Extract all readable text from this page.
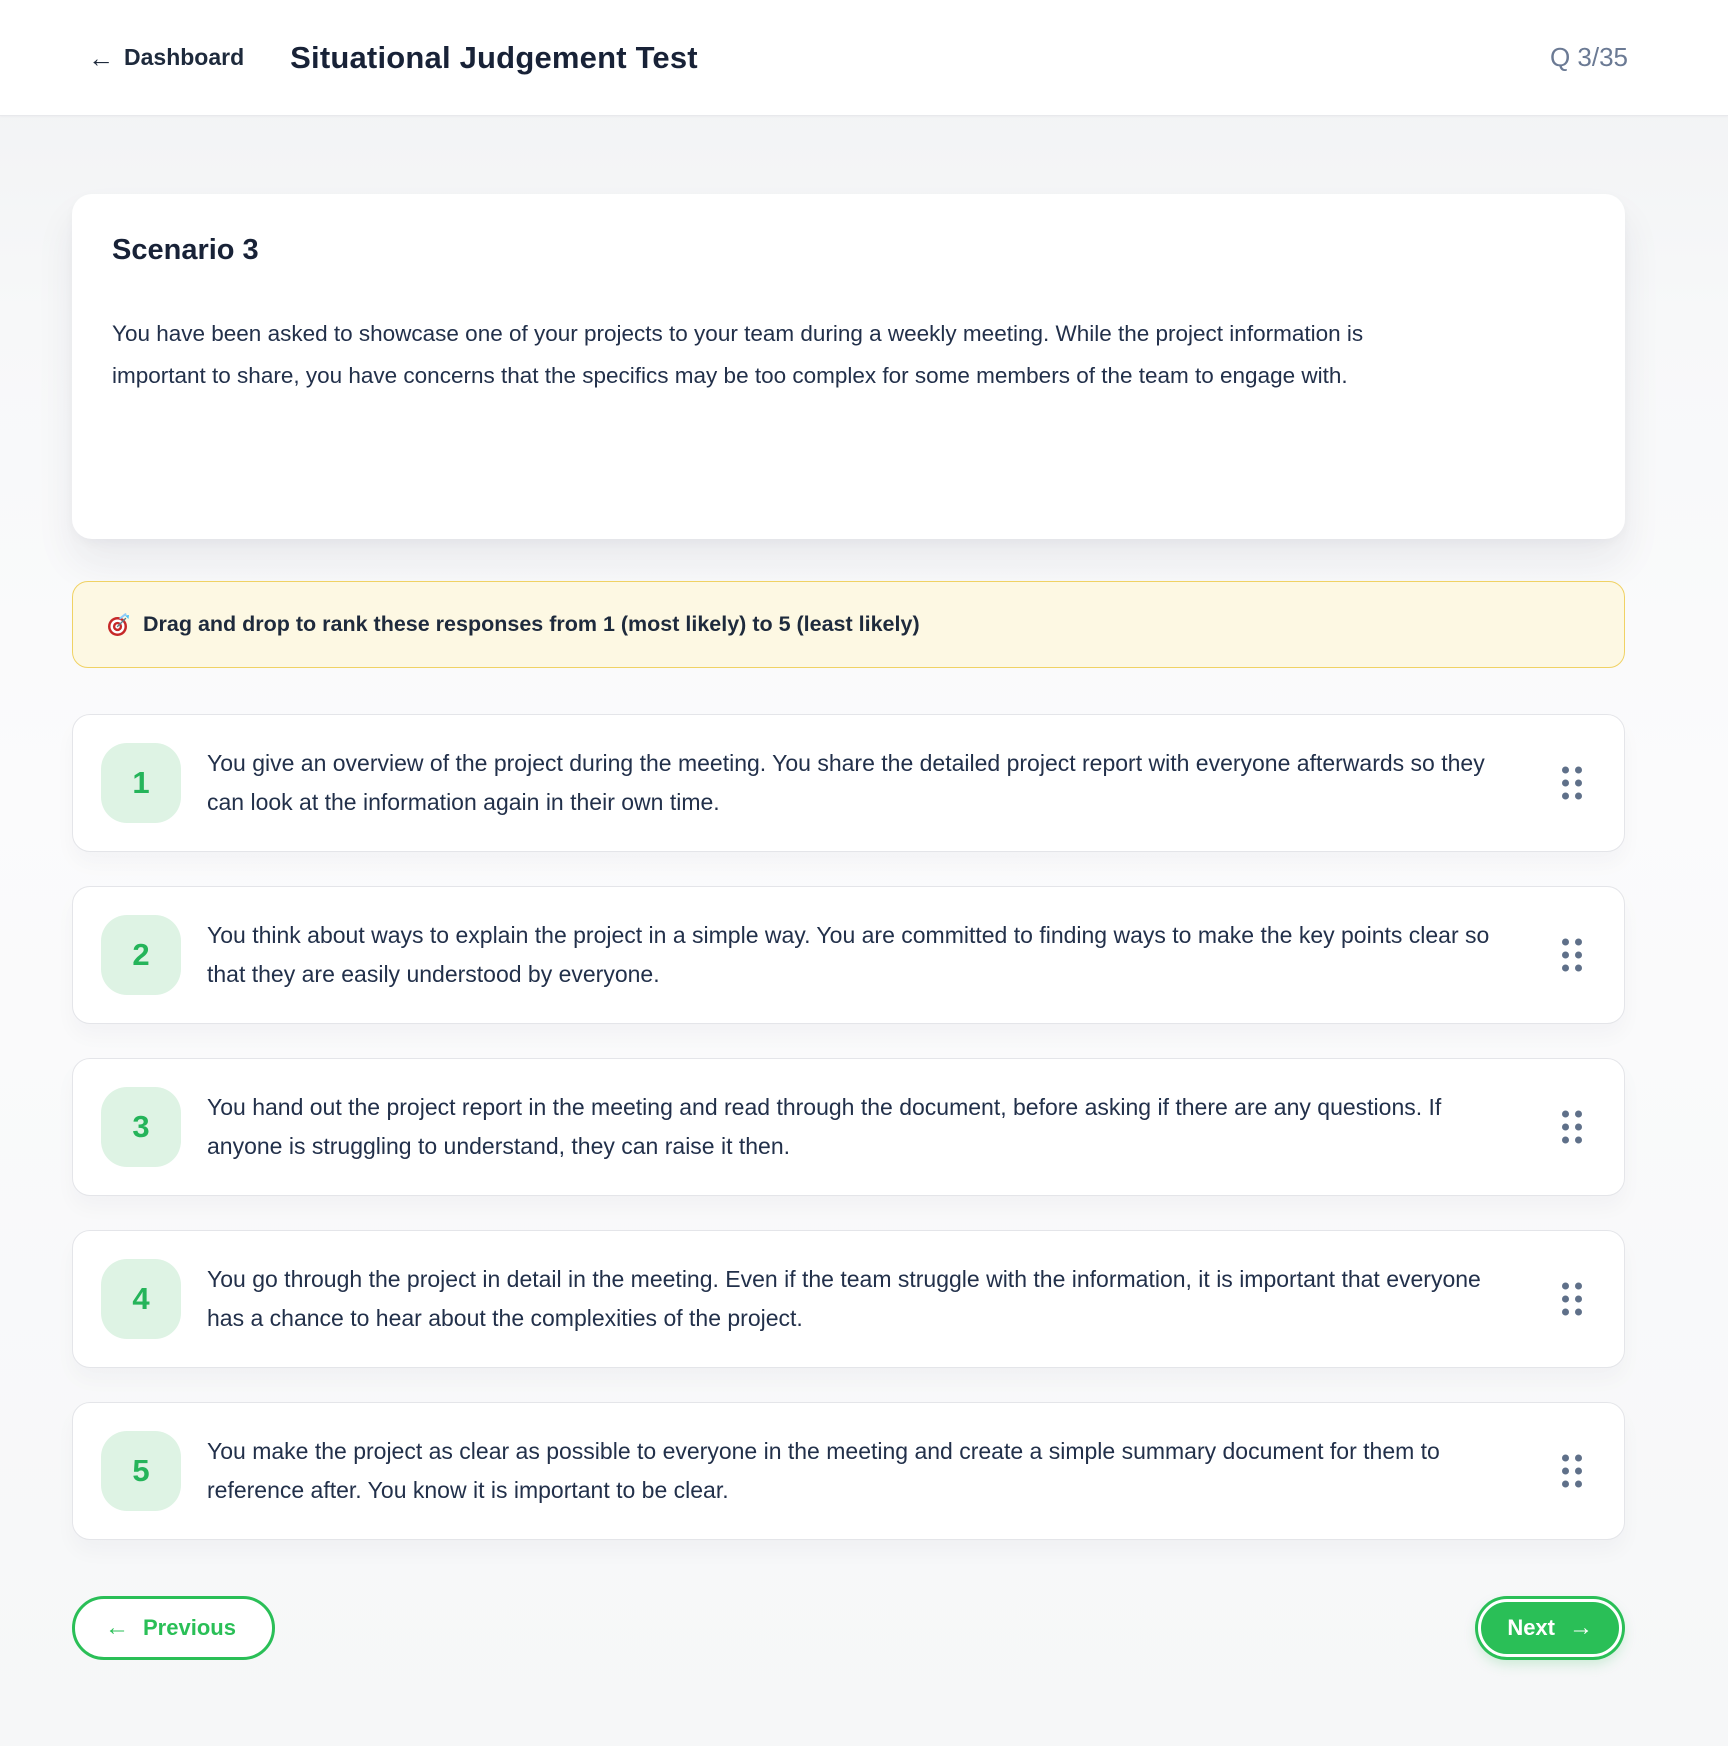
← Dashboard Situational Judgement Test	Q 3/35
Scenario 3
You have been asked to showcase one of your projects to your team during a weekly meeting. While the project information is important to share, you have concerns that the specifics may be too complex for some members of the team to engage with.
Drag and drop to rank these responses from 1 (most likely) to 5 (least likely)
1
You give an overview of the project during the meeting. You share the detailed project report with everyone afterwards so they can look at the information again in their own time.
2
You think about ways to explain the project in a simple way. You are committed to finding ways to make the key points clear so that they are easily understood by everyone.
3
You hand out the project report in the meeting and read through the document, before asking if there are any questions. If anyone is struggling to understand, they can raise it then.
4
You go through the project in detail in the meeting. Even if the team struggle with the information, it is important that everyone has a chance to hear about the complexities of the project.
5
You make the project as clear as possible to everyone in the meeting and create a simple summary document for them to reference after. You know it is important to be clear.
← Previous	Next →
